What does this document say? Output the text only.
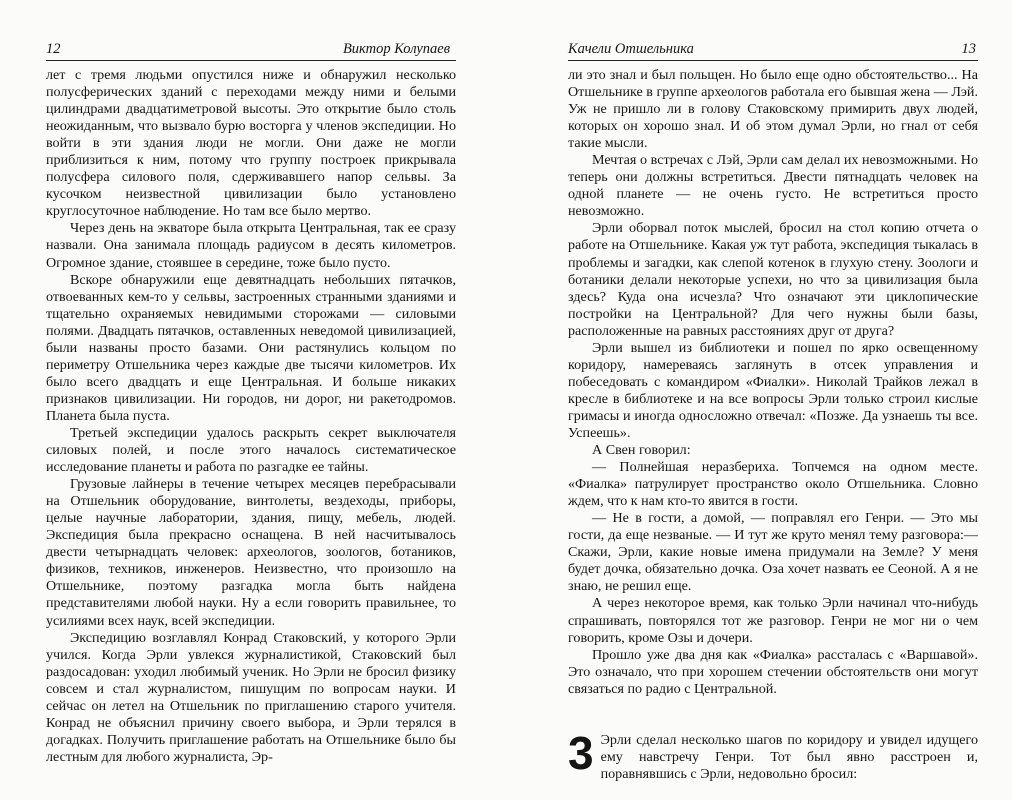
12	Виктор Колупаев

лет с тремя людьми опустился ниже и обнаружил несколько полусферических зданий с переходами между ними и белыми цилиндрами двадцатиметровой высоты. Это открытие было столь неожиданным, что вызвало бурю восторга у членов экспедиции. Но войти в эти здания люди не могли. Они даже не могли приблизиться к ним, потому что группу построек прикрывала полусфера силового поля, сдерживавшего напор сельвы. За кусочком неизвестной цивилизации было установлено круглосуточное наблюдение. Но там все было мертво.

Через день на экваторе была открыта Центральная, так ее сразу назвали. Она занимала площадь радиусом в десять километров. Огромное здание, стоявшее в середине, тоже было пусто.

Вскоре обнаружили еще девятнадцать небольших пятачков, отвоеванных кем-то у сельвы, застроенных странными зданиями и тщательно охраняемых невидимыми сторожами — силовыми полями. Двадцать пятачков, оставленных неведомой цивилизацией, были названы просто базами. Они растянулись кольцом по периметру Отшельника через каждые две тысячи километров. Их было всего двадцать и еще Центральная. И больше никаких признаков цивилизации. Ни городов, ни дорог, ни ракетодромов. Планета была пуста.

Третьей экспедиции удалось раскрыть секрет выключателя силовых полей, и после этого началось систематическое исследование планеты и работа по разгадке ее тайны.

Грузовые лайнеры в течение четырех месяцев перебрасывали на Отшельник оборудование, винтолеты, вездеходы, приборы, целые научные лаборатории, здания, пищу, мебель, людей. Экспедиция была прекрасно оснащена. В ней насчитывалось двести четырнадцать человек: археологов, зоологов, ботаников, физиков, техников, инженеров. Неизвестно, что произошло на Отшельнике, поэтому разгадка могла быть найдена представителями любой науки. Ну а если говорить правильнее, то усилиями всех наук, всей экспедиции.

Экспедицию возглавлял Конрад Стаковский, у которого Эрли учился. Когда Эрли увлекся журналистикой, Стаковский был раздосадован: уходил любимый ученик. Но Эрли не бросил физику совсем и стал журналистом, пишущим по вопросам науки. И сейчас он летел на Отшельник по приглашению старого учителя. Конрад не объяснил причину своего выбора, и Эрли терялся в догадках. Получить приглашение работать на Отшельнике было бы лестным для любого журналиста, Эр-

Качели Отшельника	13

ли это знал и был польщен. Но было еще одно обстоятельство... На Отшельнике в группе археологов работала его бывшая жена — Лэй. Уж не пришло ли в голову Стаковскому примирить двух людей, которых он хорошо знал. И об этом думал Эрли, но гнал от себя такие мысли.

Мечтая о встречах с Лэй, Эрли сам делал их невозможными. Но теперь они должны встретиться. Двести пятнадцать человек на одной планете — не очень густо. Не встретиться просто невозможно.

Эрли оборвал поток мыслей, бросил на стол копию отчета о работе на Отшельнике. Какая уж тут работа, экспедиция тыкалась в проблемы и загадки, как слепой котенок в глухую стену. Зоологи и ботаники делали некоторые успехи, но что за цивилизация была здесь? Куда она исчезла? Что означают эти циклопические постройки на Центральной? Для чего нужны были базы, расположенные на равных расстояниях друг от друга?

Эрли вышел из библиотеки и пошел по ярко освещенному коридору, намереваясь заглянуть в отсек управления и побеседовать с командиром «Фиалки». Николай Трайков лежал в кресле в библиотеке и на все вопросы Эрли только строил кислые гримасы и иногда односложно отвечал: «Позже. Да узнаешь ты все. Успеешь».

А Свен говорил:

— Полнейшая неразбериха. Топчемся на одном месте. «Фиалка» патрулирует пространство около Отшельника. Словно ждем, что к нам кто-то явится в гости.

— Не в гости, а домой, — поправлял его Генри. — Это мы гости, да еще незваные. — И тут же круто менял тему разговора:— Скажи, Эрли, какие новые имена придумали на Земле? У меня будет дочка, обязательно дочка. Оза хочет назвать ее Сеоной. А я не знаю, не решил еще.

А через некоторое время, как только Эрли начинал что-нибудь спрашивать, повторялся тот же разговор. Генри не мог ни о чем говорить, кроме Озы и дочери.

Прошло уже два дня как «Фиалка» рассталась с «Варшавой». Это означало, что при хорошем стечении обстоятельств они могут связаться по радио с Центральной.

3 Эрли сделал несколько шагов по коридору и увидел идущего ему навстречу Генри. Тот был явно расстроен и, поравнявшись с Эрли, недовольно бросил:
